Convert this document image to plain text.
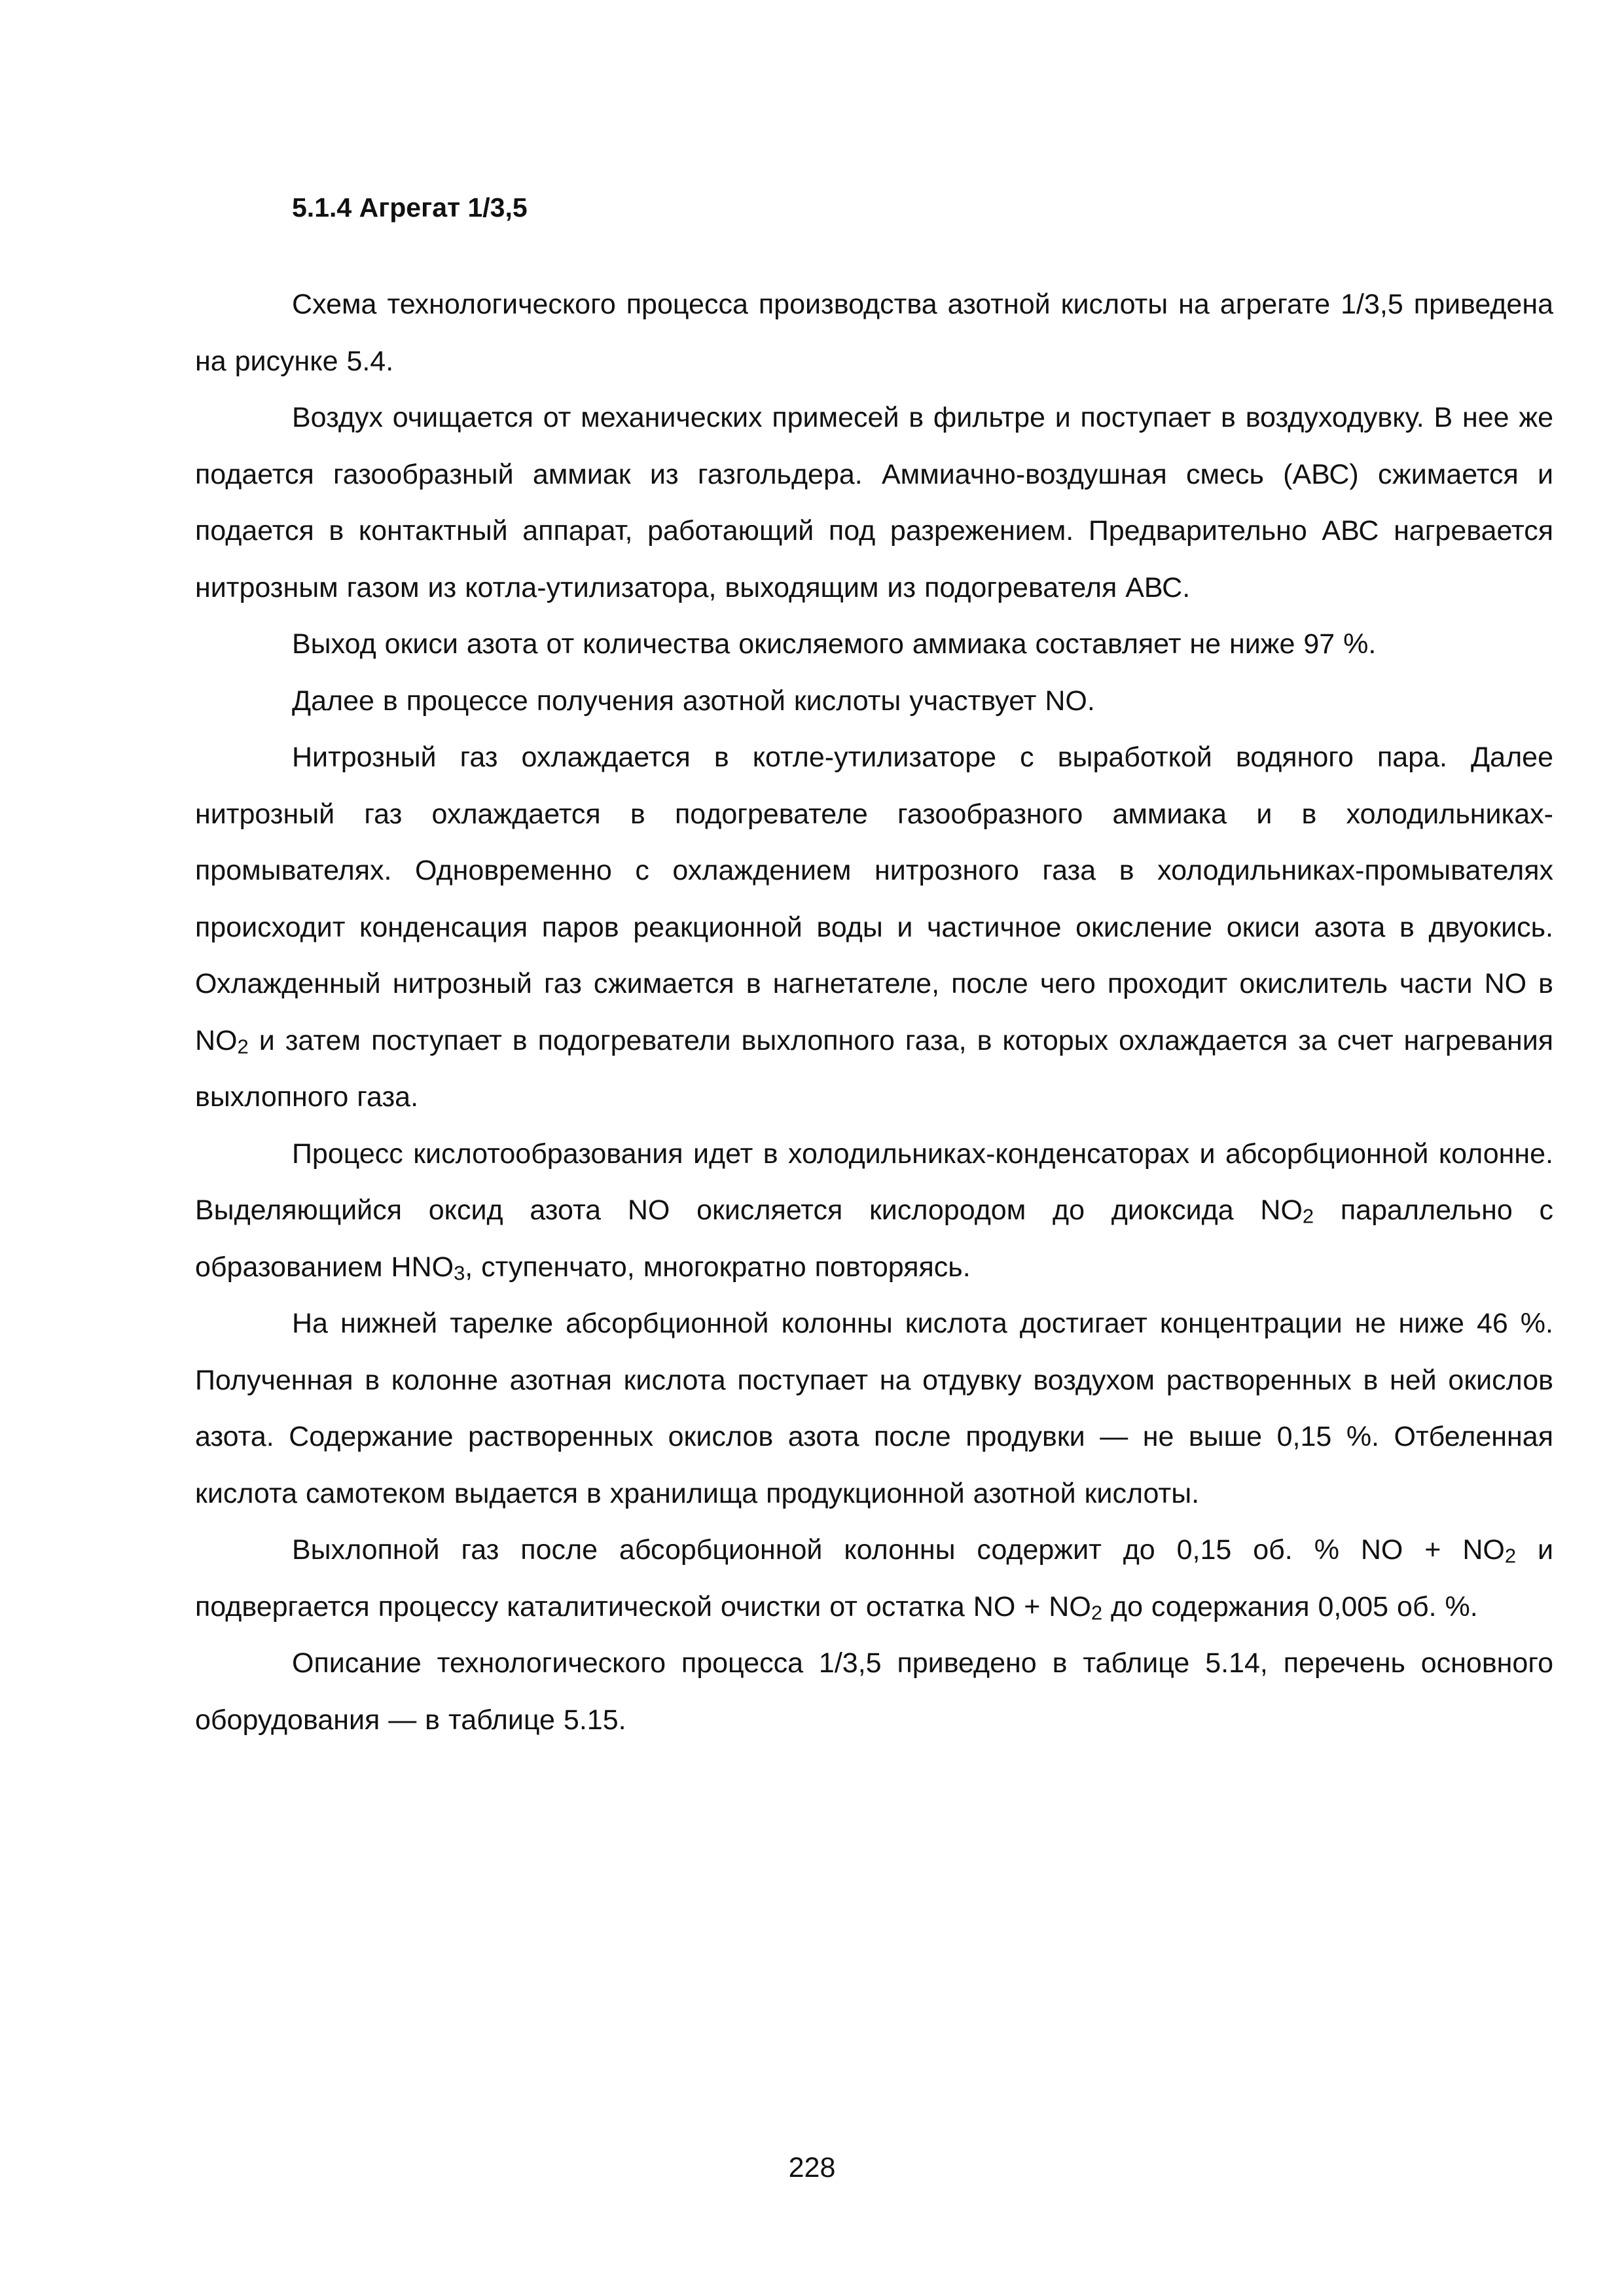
5.1.4 Агрегат 1/3,5

Схема технологического процесса производства азотной кислоты на агрегате 1/3,5 приведена на рисунке 5.4.

Воздух очищается от механических примесей в фильтре и поступает в воздуходувку. В нее же подается газообразный аммиак из газгольдера. Аммиачно-воздушная смесь (АВС) сжимается и подается в контактный аппарат, работающий под разрежением. Предварительно АВС нагревается нитрозным газом из котла-утилизатора, выходящим из подогревателя АВС.

Выход окиси азота от количества окисляемого аммиака составляет не ниже 97 %.

Далее в процессе получения азотной кислоты участвует NO.

Нитрозный газ охлаждается в котле-утилизаторе с выработкой водяного пара. Далее нитрозный газ охлаждается в подогревателе газообразного аммиака и в холодильниках-промывателях. Одновременно с охлаждением нитрозного газа в холодильниках-промывателях происходит конденсация паров реакционной воды и частичное окисление окиси азота в двуокись. Охлажденный нитрозный газ сжимается в нагнетателе, после чего проходит окислитель части NO в $NO_2$ и затем поступает в подогреватели выхлопного газа, в которых охлаждается за счет нагревания выхлопного газа.

Процесс кислотообразования идет в холодильниках-конденсаторах и абсорбционной колонне. Выделяющийся оксид азота NO окисляется кислородом до диоксида $NO_2$ параллельно с образованием $HNO_3$, ступенчато, многократно повторяясь.

На нижней тарелке абсорбционной колонны кислота достигает концентрации не ниже 46 %. Полученная в колонне азотная кислота поступает на отдувку воздухом растворенных в ней окислов азота. Содержание растворенных окислов азота после продувки — не выше 0,15 %. Отбеленная кислота самотеком выдается в хранилища продукционной азотной кислоты.

Выхлопной газ после абсорбционной колонны содержит до 0,15 об. % NO + $NO_2$ и подвергается процессу каталитической очистки от остатка NO + $NO_2$ до содержания 0,005 об. %.

Описание технологического процесса 1/3,5 приведено в таблице 5.14, перечень основного оборудования — в таблице 5.15.

228
